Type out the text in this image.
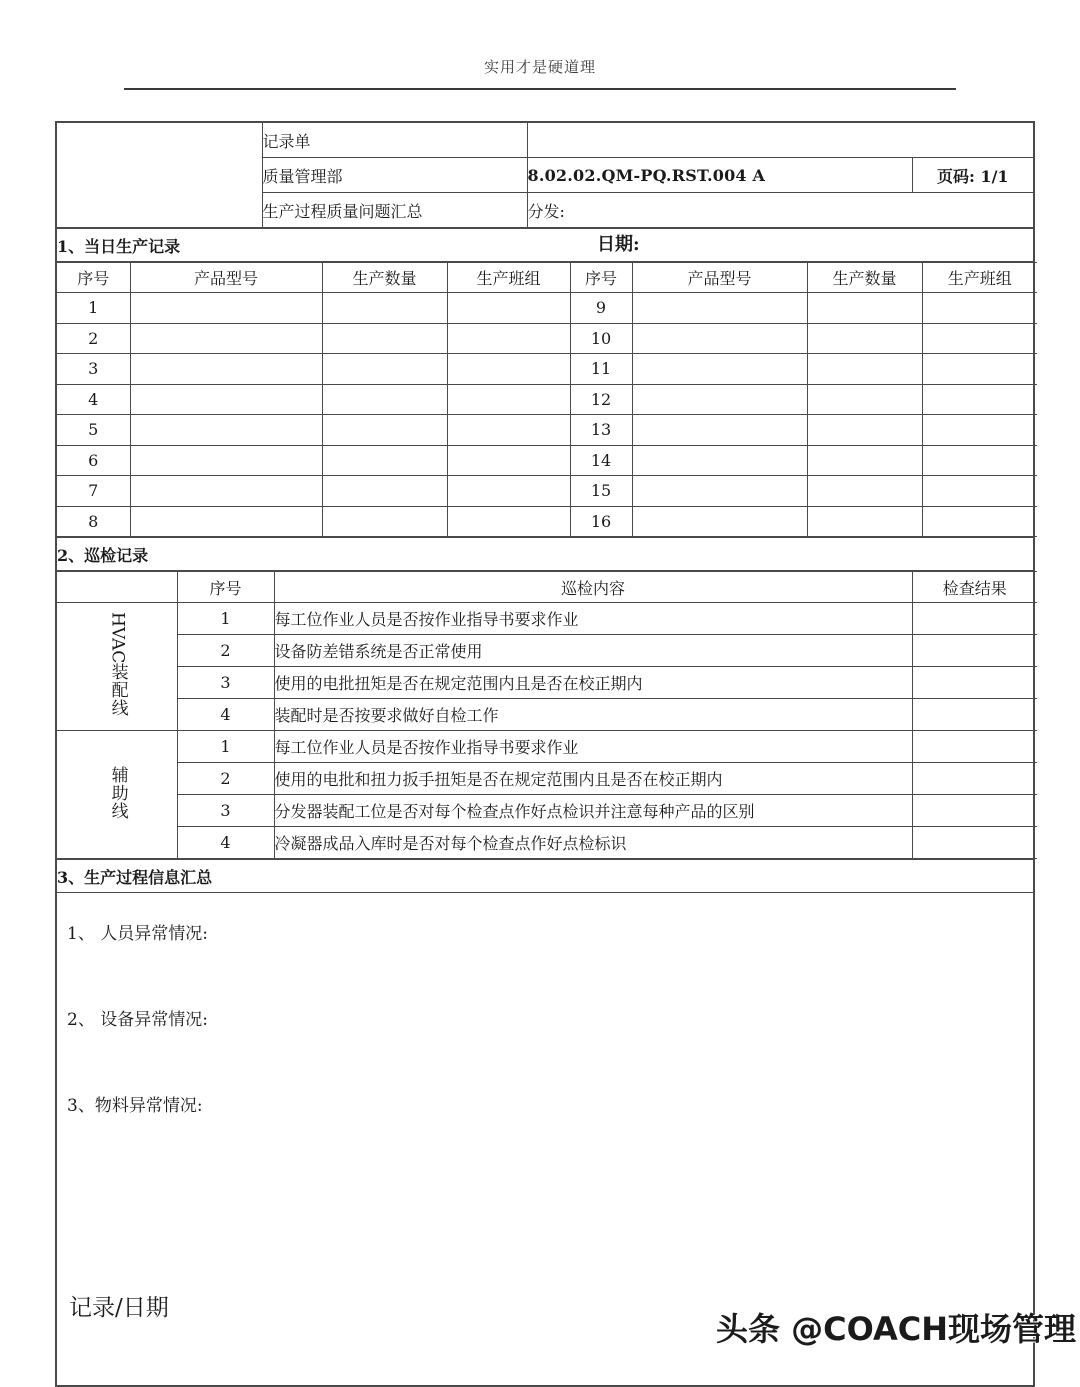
实用才是硬道理
	记录单		
	质量管理部	8.02.02.QM-PQ.RST.004 A	页码: 1/1
	生产过程质量问题汇总	分发:	
1、当日生产记录	日期:
序号	产品型号	生产数量	生产班组	序号	产品型号	生产数量	生产班组
1				9			
2				10			
3				11			
4				12			
5				13			
6				14			
7				15			
8				16			
2、巡检记录
	序号	巡检内容	检查结果
HVAC装配线	1	每工位作业人员是否按作业指导书要求作业	
	2	设备防差错系统是否正常使用	
	3	使用的电批扭矩是否在规定范围内且是否在校正期内	
	4	装配时是否按要求做好自检工作	
辅助线	1	每工位作业人员是否按作业指导书要求作业	
	2	使用的电批和扭力扳手扭矩是否在规定范围内且是否在校正期内	
	3	分发器装配工位是否对每个检查点作好点检识并注意每种产品的区别	
	4	冷凝器成品入库时是否对每个检查点作好点检标识	
3、生产过程信息汇总

1、 人员异常情况:
2、 设备异常情况:
3、物料异常情况:
记录/日期
头条 @COACH现场管理
